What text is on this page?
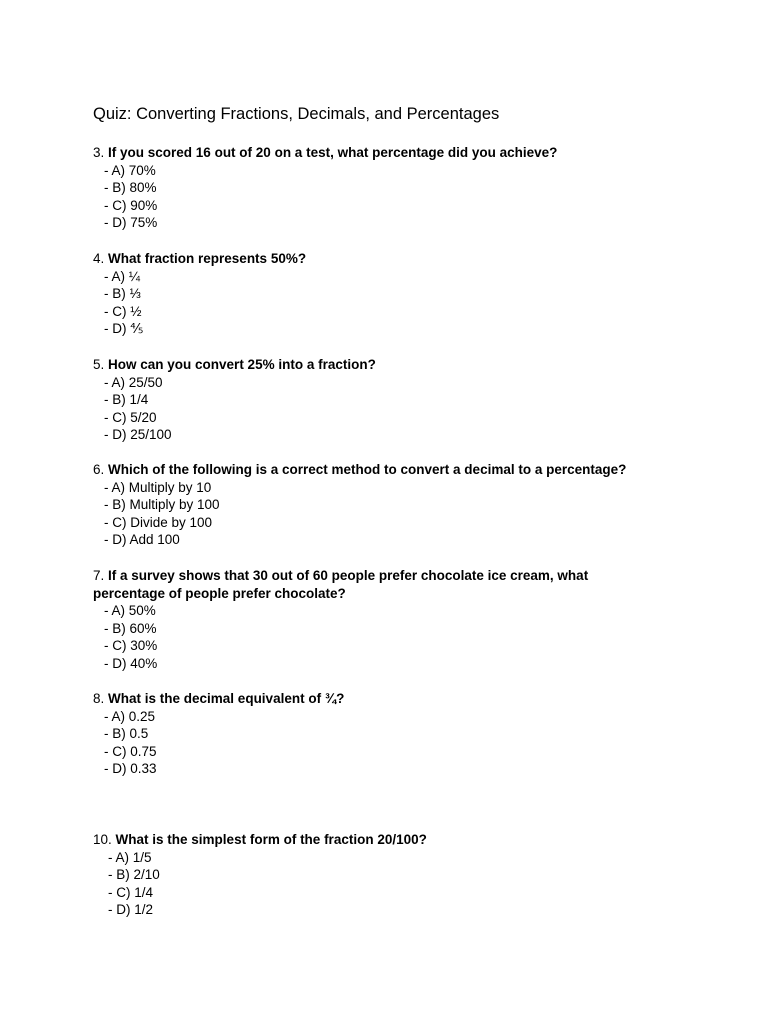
Quiz: Converting Fractions, Decimals, and Percentages
3. If you scored 16 out of 20 on a test, what percentage did you achieve?
- A) 70%
- B) 80%
- C) 90%
- D) 75%
4. What fraction represents 50%?
- A) ¼
- B) ⅓
- C) ½
- D) ⅘
5. How can you convert 25% into a fraction?
- A) 25/50
- B) 1/4
- C) 5/20
- D) 25/100
6. Which of the following is a correct method to convert a decimal to a percentage?
- A) Multiply by 10
- B) Multiply by 100
- C) Divide by 100
- D) Add 100
7. If a survey shows that 30 out of 60 people prefer chocolate ice cream, what
percentage of people prefer chocolate?
- A) 50%
- B) 60%
- C) 30%
- D) 40%
8. What is the decimal equivalent of ¾?
- A) 0.25
- B) 0.5
- C) 0.75
- D) 0.33
10. What is the simplest form of the fraction 20/100?
- A) 1/5
- B) 2/10
- C) 1/4
- D) 1/2
